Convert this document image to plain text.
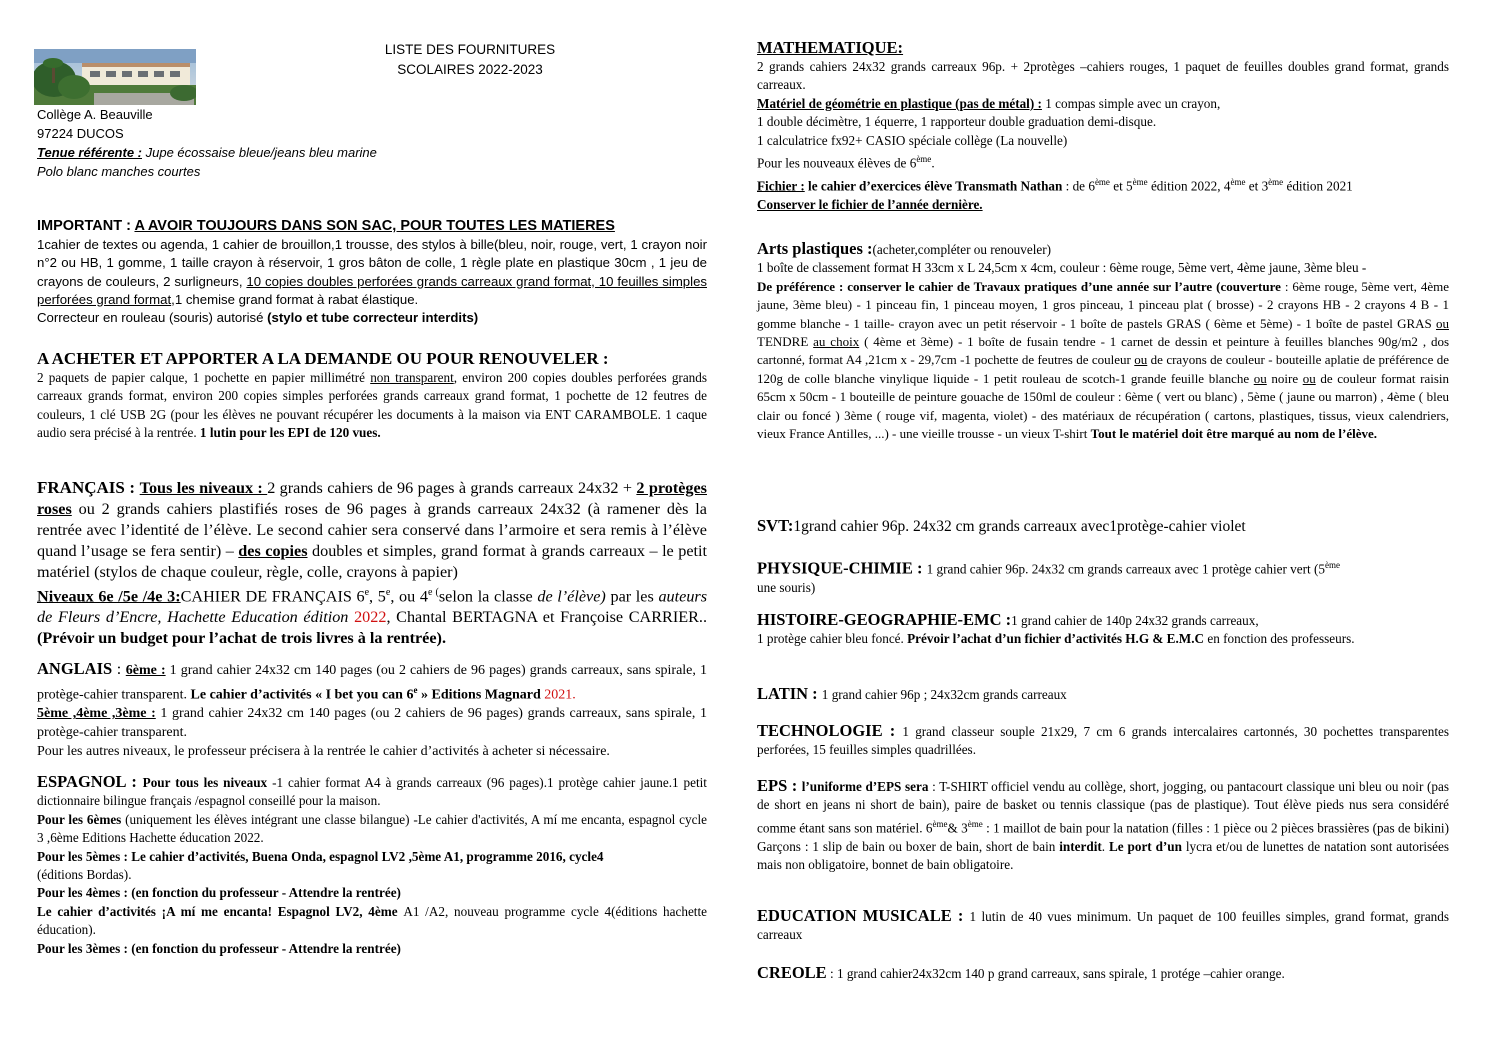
LISTE DES FOURNITURES
SCOLAIRES 2022-2023
Collège A. Beauville
97224 DUCOS
Tenue référente : Jupe écossaise bleue/jeans bleu marine
Polo blanc manches courtes
IMPORTANT : A AVOIR TOUJOURS DANS SON SAC, POUR TOUTES LES MATIERES
1cahier de textes ou agenda, 1 cahier de brouillon,1 trousse, des stylos à bille(bleu, noir, rouge, vert, 1 crayon noir n°2 ou HB, 1 gomme, 1 taille crayon à réservoir, 1 gros bâton de colle, 1 règle plate en plastique 30cm , 1 jeu de crayons de couleurs, 2 surligneurs, 10 copies doubles perforées grands carreaux grand format, 10 feuilles simples perforées grand format,1 chemise grand format à rabat élastique.
Correcteur en rouleau (souris) autorisé (stylo et tube correcteur interdits)
A ACHETER ET APPORTER A LA DEMANDE OU POUR RENOUVELER :
2 paquets de papier calque, 1 pochette en papier millimétré non transparent, environ 200 copies doubles perforées grands carreaux grands format, environ 200 copies simples perforées grands carreaux grand format, 1 pochette de 12 feutres de couleurs, 1 clé USB 2G (pour les élèves ne pouvant récupérer les documents à la maison via ENT CARAMBOLE. 1 caque audio sera précisé à la rentrée. 1 lutin pour les EPI de 120 vues.
FRANÇAIS : Tous les niveaux : 2 grands cahiers de 96 pages à grands carreaux 24x32 + 2 protèges roses ou 2 grands cahiers plastifiés roses de 96 pages à grands carreaux 24x32 (à ramener dès la rentrée avec l’identité de l’élève. Le second cahier sera conservé dans l’armoire et sera remis à l’élève quand l’usage se fera sentir) – des copies doubles et simples, grand format à grands carreaux – le petit matériel (stylos de chaque couleur, règle, colle, crayons à papier)
Niveaux 6e /5e /4e 3:CAHIER DE FRANÇAIS 6e, 5e, ou $4^{e (}selon$ la classe de l’élève) par les auteurs de Fleurs d’Encre, Hachette Education édition 2022, Chantal BERTAGNA et Françoise CARRIER.. (Prévoir un budget pour l’achat de trois livres à la rentrée).
ANGLAIS : 6ème : 1 grand cahier 24x32 cm 140 pages (ou 2 cahiers de 96 pages) grands carreaux, sans spirale, 1 protège-cahier transparent. Le cahier d’activités « I bet you can 6e » Editions Magnard 2021.
5ème ,4ème ,3ème : 1 grand cahier 24x32 cm 140 pages (ou 2 cahiers de 96 pages) grands carreaux, sans spirale, 1 protège-cahier transparent.
Pour les autres niveaux, le professeur précisera à la rentrée le cahier d’activités à acheter si nécessaire.
ESPAGNOL : Pour tous les niveaux -1 cahier format A4 à grands carreaux (96 pages).1 protège cahier jaune.1 petit dictionnaire bilingue français /espagnol conseillé pour la maison.
Pour les 6èmes (uniquement les élèves intégrant une classe bilangue) -Le cahier d'activités, A mí me encanta, espagnol cycle 3 ,6ème Editions Hachette éducation 2022.
Pour les 5èmes : Le cahier d’activités, Buena Onda, espagnol LV2 ,5ème A1, programme 2016, cycle4
(éditions Bordas).
Pour les 4èmes : (en fonction du professeur - Attendre la rentrée)
Le cahier d’activités ¡A mí me encanta! Espagnol LV2, 4ème A1 /A2, nouveau programme cycle 4(éditions hachette éducation).
Pour les 3èmes : (en fonction du professeur - Attendre la rentrée)
MATHEMATIQUE:
2 grands cahiers 24x32 grands carreaux 96p. + 2protèges –cahiers rouges, 1 paquet de feuilles doubles grand format, grands carreaux.
Matériel de géométrie en plastique (pas de métal) : 1 compas simple avec un crayon,
1 double décimètre, 1 équerre, 1 rapporteur double graduation demi-disque.
1 calculatrice fx92+ CASIO spéciale collège (La nouvelle)
Pour les nouveaux élèves de 6ème.
Fichier : le cahier d’exercices élève Transmath Nathan : de 6ème et 5ème édition 2022, 4ème et 3ème édition 2021
Conserver le fichier de l’année dernière.
Arts plastiques :(acheter,compléter ou renouveler)
1 boîte de classement format H 33cm x L 24,5cm x 4cm, couleur : 6ème rouge, 5ème vert, 4ème jaune, 3ème bleu -
De préférence : conserver le cahier de Travaux pratiques d’une année sur l’autre (couverture : 6ème rouge, 5ème vert, 4ème jaune, 3ème bleu) - 1 pinceau fin, 1 pinceau moyen, 1 gros pinceau, 1 pinceau plat ( brosse) - 2 crayons HB - 2 crayons 4 B - 1 gomme blanche - 1 taille- crayon avec un petit réservoir - 1 boîte de pastels GRAS ( 6ème et 5ème) - 1 boîte de pastel GRAS ou TENDRE au choix ( 4ème et 3ème) - 1 boîte de fusain tendre - 1 carnet de dessin et peinture à feuilles blanches 90g/m2 , dos cartonné, format A4 ,21cm x - 29,7cm -1 pochette de feutres de couleur ou de crayons de couleur - bouteille aplatie de préférence de 120g de colle blanche vinylique liquide - 1 petit rouleau de scotch-1 grande feuille blanche ou noire ou de couleur format raisin 65cm x 50cm - 1 bouteille de peinture gouache de 150ml de couleur : 6ème ( vert ou blanc) , 5ème ( jaune ou marron) , 4ème ( bleu clair ou foncé ) 3ème ( rouge vif, magenta, violet) - des matériaux de récupération ( cartons, plastiques, tissus, vieux calendriers, vieux France Antilles, ...) - une vieille trousse - un vieux T-shirt Tout le matériel doit être marqué au nom de l’élève.
SVT:1grand cahier 96p. 24x32 cm grands carreaux avec1protège-cahier violet
PHYSIQUE-CHIMIE : 1 grand cahier 96p. 24x32 cm grands carreaux avec 1 protège cahier vert (5ème
une souris)
HISTOIRE-GEOGRAPHIE-EMC :1 grand cahier de 140p 24x32 grands carreaux,
1 protège cahier bleu foncé. Prévoir l’achat d’un fichier d’activités H.G & E.M.C en fonction des professeurs.
LATIN : 1 grand cahier 96p ; 24x32cm grands carreaux
TECHNOLOGIE : 1 grand classeur souple 21x29, 7 cm 6 grands intercalaires cartonnés, 30 pochettes transparentes perforées, 15 feuilles simples quadrillées.
EPS : l’uniforme d’EPS sera : T-SHIRT officiel vendu au collège, short, jogging, ou pantacourt classique uni bleu ou noir (pas de short en jeans ni short de bain), paire de basket ou tennis classique (pas de plastique). Tout élève pieds nus sera considéré comme étant sans son matériel. 6ème& 3ème : 1 maillot de bain pour la natation (filles : 1 pièce ou 2 pièces brassières (pas de bikini) Garçons : 1 slip de bain ou boxer de bain, short de bain interdit. Le port d’un lycra et/ou de lunettes de natation sont autorisées mais non obligatoire, bonnet de bain obligatoire.
EDUCATION MUSICALE : 1 lutin de 40 vues minimum. Un paquet de 100 feuilles simples, grand format, grands carreaux
CREOLE : 1 grand cahier24x32cm 140 p grand carreaux, sans spirale, 1 protége –cahier orange.
